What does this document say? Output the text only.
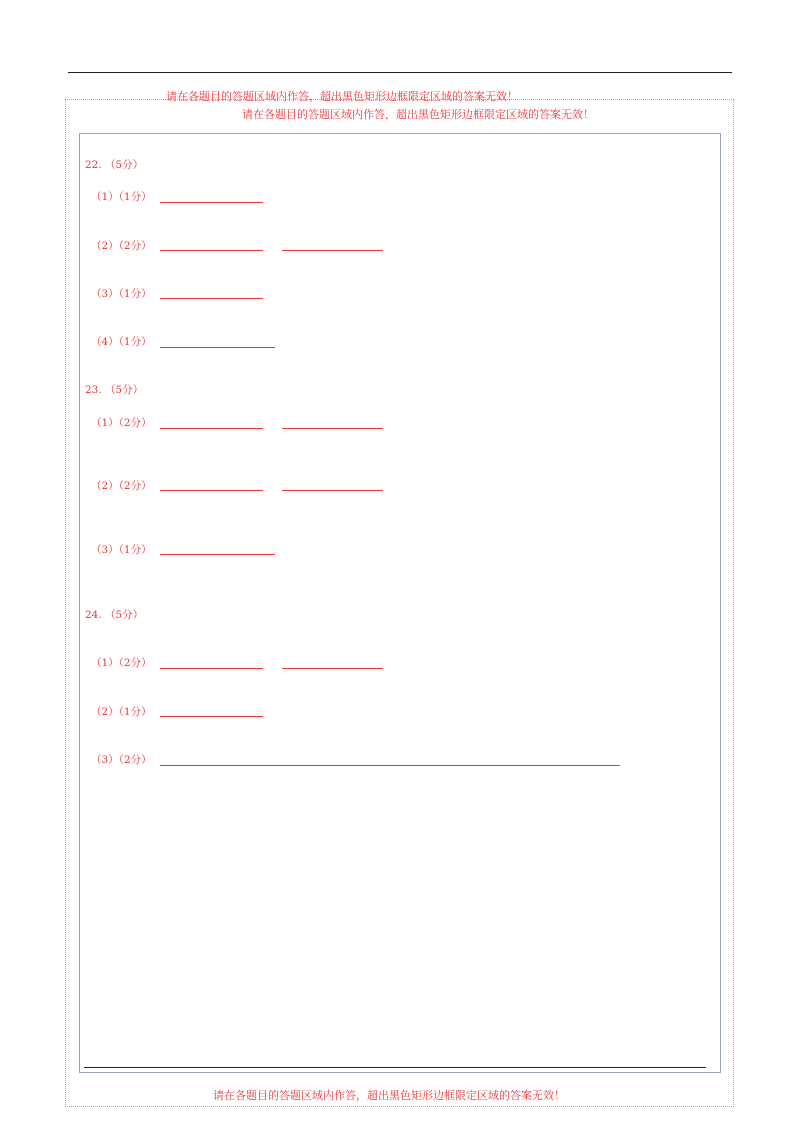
请在各题目的答题区域内作答，超出黑色矩形边框限定区域的答案无效！
请在各题目的答题区域内作答，超出黑色矩形边框限定区域的答案无效！
22. （5分）
（1）（1分）
（2）（2分）
（3）（1分）
（4）（1分）
23. （5分）
（1）（2分）
（2）（2分）
（3）（1分）
24. （5分）
（1）（2分）
（2）（1分）
（3）（2分）
请在各题目的答题区域内作答，超出黑色矩形边框限定区域的答案无效！
